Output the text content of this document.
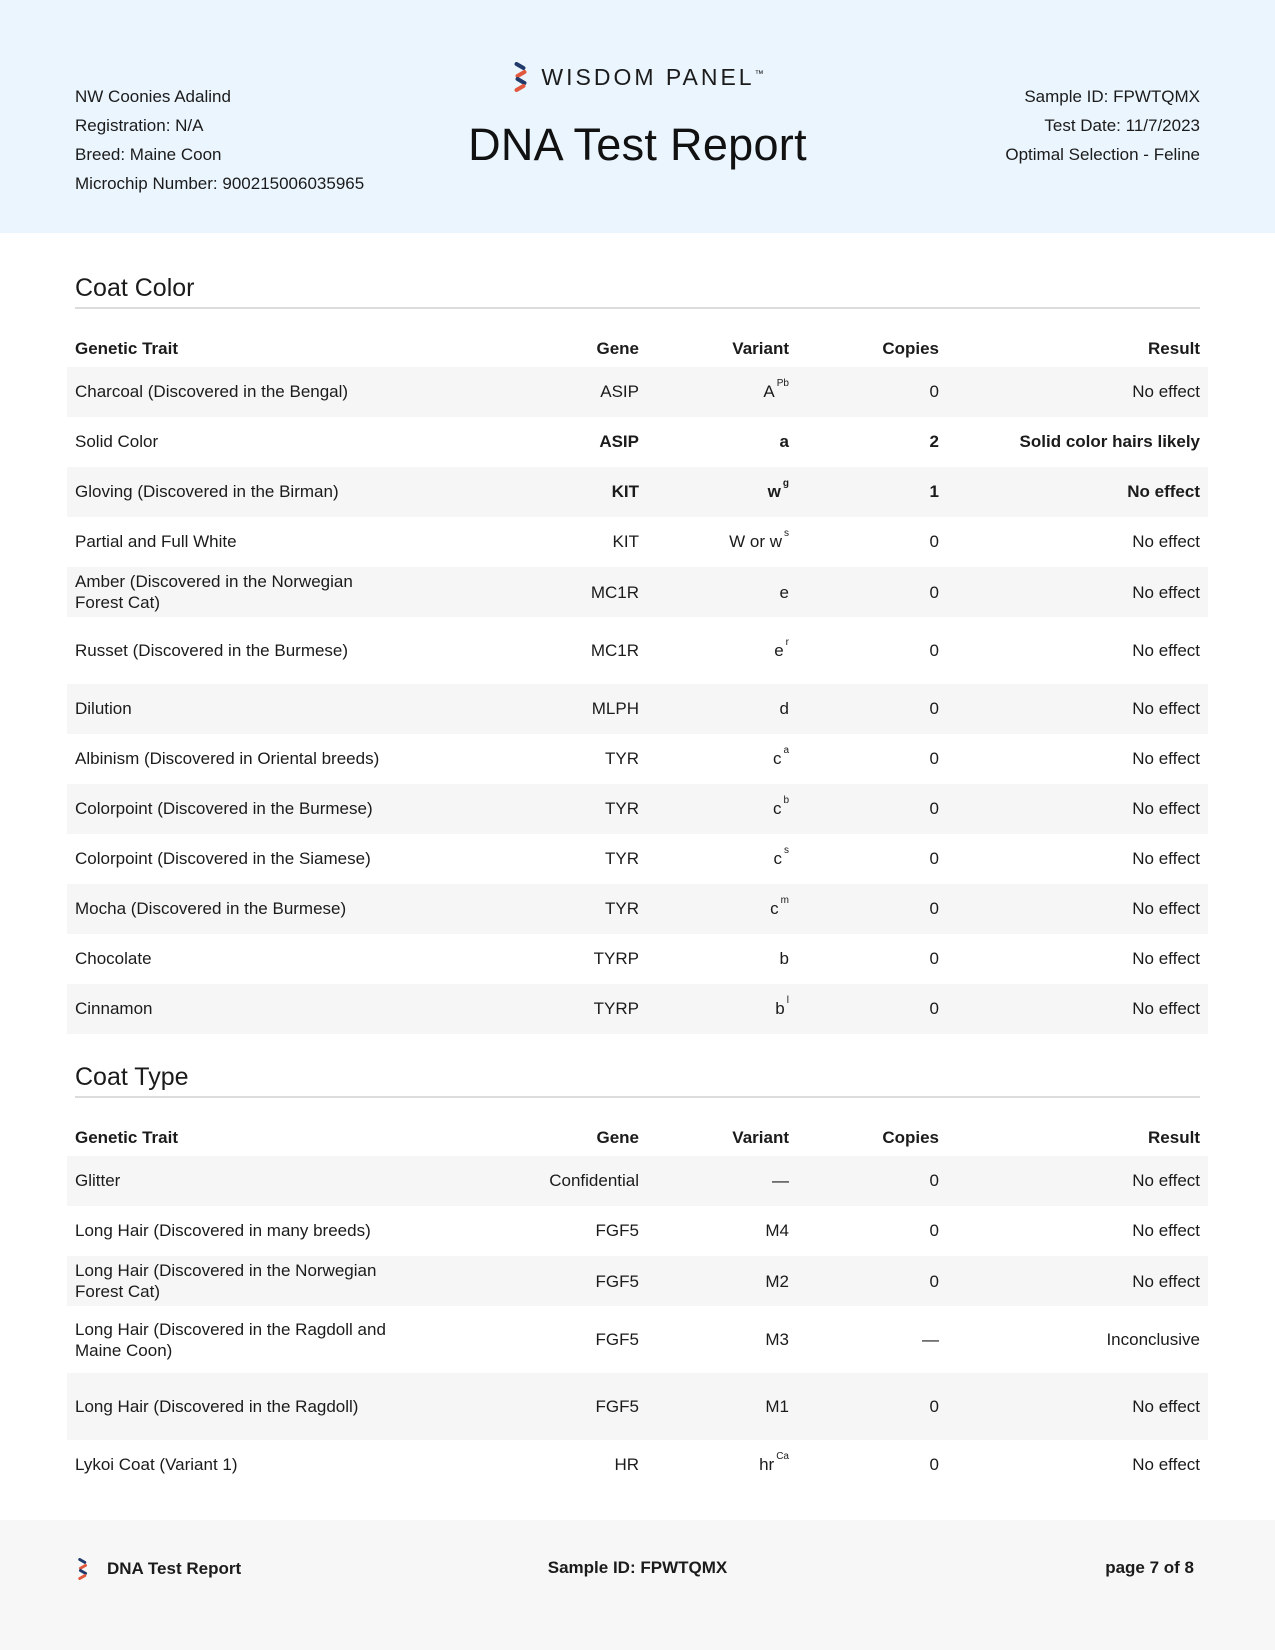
NW Coonies Adalind
Registration: N/A
Breed: Maine Coon
Microchip Number: 900215006035965
WISDOM PANEL™
DNA Test Report
Sample ID: FPWTQMX
Test Date: 11/7/2023
Optimal Selection - Feline
Coat Color
Genetic Trait	Gene	Variant	Copies	Result
Charcoal (Discovered in the Bengal)	ASIP	A $^{Pb}$	0	No effect
Solid Color	ASIP	a	2	Solid color hairs likely
Gloving (Discovered in the Birman)	KIT	w $^g$	1	No effect
Partial and Full White	KIT	W or w $^s$	0	No effect
Amber (Discovered in the Norwegian Forest Cat)	MC1R	e	0	No effect
Russet (Discovered in the Burmese)	MC1R	e $^r$	0	No effect
Dilution	MLPH	d	0	No effect
Albinism (Discovered in Oriental breeds)	TYR	c $^a$	0	No effect
Colorpoint (Discovered in the Burmese)	TYR	c $^b$	0	No effect
Colorpoint (Discovered in the Siamese)	TYR	c $^s$	0	No effect
Mocha (Discovered in the Burmese)	TYR	c $^m$	0	No effect
Chocolate	TYRP	b	0	No effect
Cinnamon	TYRP	b $^l$	0	No effect
Coat Type
Genetic Trait	Gene	Variant	Copies	Result
Glitter	Confidential	—	0	No effect
Long Hair (Discovered in many breeds)	FGF5	M4	0	No effect
Long Hair (Discovered in the Norwegian Forest Cat)	FGF5	M2	0	No effect
Long Hair (Discovered in the Ragdoll and Maine Coon)	FGF5	M3	—	Inconclusive
Long Hair (Discovered in the Ragdoll)	FGF5	M1	0	No effect
Lykoi Coat (Variant 1)	HR	hr $^{Ca}$	0	No effect
DNA Test Report	Sample ID: FPWTQMX	page 7 of 8
